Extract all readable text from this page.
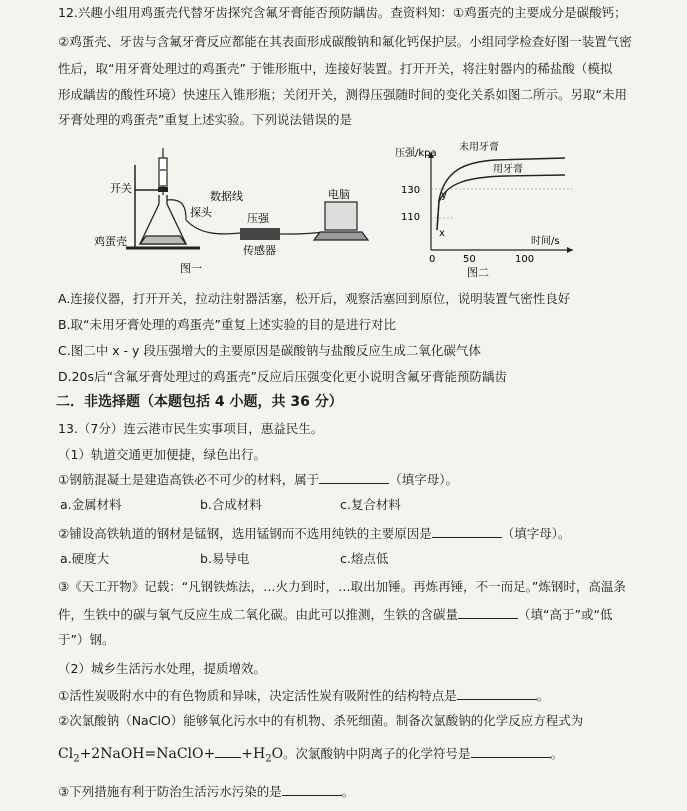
12.兴趣小组用鸡蛋壳代替牙齿探究含氟牙膏能否预防龋齿。查资料知：①鸡蛋壳的主要成分是碳酸钙；
②鸡蛋壳、牙齿与含氟牙膏反应都能在其表面形成碳酸钠和氟化钙保护层。小组同学检查好图一装置气密
性后，取“用牙膏处理过的鸡蛋壳” 于锥形瓶中，连接好装置。打开开关，将注射器内的稀盐酸（模拟
形成龋齿的酸性环境）快速压入锥形瓶；关闭开关，测得压强随时间的变化关系如图二所示。另取“未用
牙膏处理的鸡蛋壳”重复上述实验。下列说法错误的是
开关
数据线
探头	压强
传感器
电脑
鸡蛋壳
图一
压强/kpa
时间/s
130
110
0	50	100
未用牙膏
用牙膏
x
y
图二
A.连接仪器，打开开关，拉动注射器活塞，松开后，观察活塞回到原位，说明装置气密性良好
B.取“未用牙膏处理的鸡蛋壳”重复上述实验的目的是进行对比
C.图二中 x - y 段压强增大的主要原因是碳酸钠与盐酸反应生成二氧化碳气体
D.20s后“含氟牙膏处理过的鸡蛋壳”反应后压强变化更小说明含氟牙膏能预防龋齿
二．非选择题（本题包括 4 小题，共 36 分）
13.（7分）连云港市民生实事项目，惠益民生。
（1）轨道交通更加便捷，绿色出行。
①钢筋混凝土是建造高铁必不可少的材料，属于	（填字母）。
a.金属材料	b.合成材料	c.复合材料
②铺设高铁轨道的钢材是锰钢，选用锰钢而不选用纯铁的主要原因是	（填字母）。
a.硬度大	b.易导电	c.熔点低
③《天工开物》记载：“凡钢铁炼法，…火力到时，…取出加锤。再炼再锤，不一而足。”炼钢时，高温条
件，生铁中的碳与氧气反应生成二氧化碳。由此可以推测，生铁的含碳量	（填“高于”或“低
于”）钢。
（2）城乡生活污水处理，提质增效。
①活性炭吸附水中的有色物质和异味，决定活性炭有吸附性的结构特点是	。
②次氯酸钠（NaClO）能够氧化污水中的有机物、杀死细菌。制备次氯酸钠的化学反应方程式为
$Cl_2+2NaOH=NaClO+ +H_2O$。次氯酸钠中阴离子的化学符号是	。
③下列措施有利于防治生活污水污染的是	。
